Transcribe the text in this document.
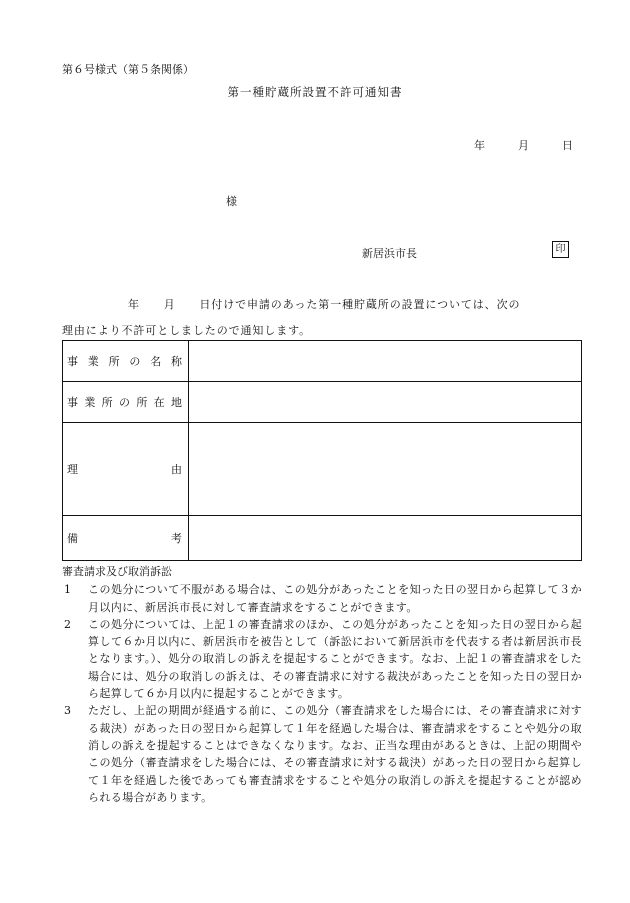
第６号様式（第５条関係）
第一種貯蔵所設置不許可通知書
年	月	日
様
新居浜市長	印
年　　月　　日付けで申請のあった第一種貯蔵所の設置については、次の
理由により不許可としましたので通知します。
事業所の名称
事業所の所在地
理	由
備	考
審査請求及び取消訴訟
1	この処分について不服がある場合は、この処分があったことを知った日の翌日から起算して３か月以内に、新居浜市長に対して審査請求をすることができます。
2	この処分については、上記１の審査請求のほか、この処分があったことを知った日の翌日から起算して６か月以内に、新居浜市を被告として（訴訟において新居浜市を代表する者は新居浜市長となります。）、処分の取消しの訴えを提起することができます。なお、上記１の審査請求をした場合には、処分の取消しの訴えは、その審査請求に対する裁決があったことを知った日の翌日から起算して６か月以内に提起することができます。
3	ただし、上記の期間が経過する前に、この処分（審査請求をした場合には、その審査請求に対する裁決）があった日の翌日から起算して１年を経過した場合は、審査請求をすることや処分の取消しの訴えを提起することはできなくなります。なお、正当な理由があるときは、上記の期間やこの処分（審査請求をした場合には、その審査請求に対する裁決）があった日の翌日から起算して１年を経過した後であっても審査請求をすることや処分の取消しの訴えを提起することが認められる場合があります。
